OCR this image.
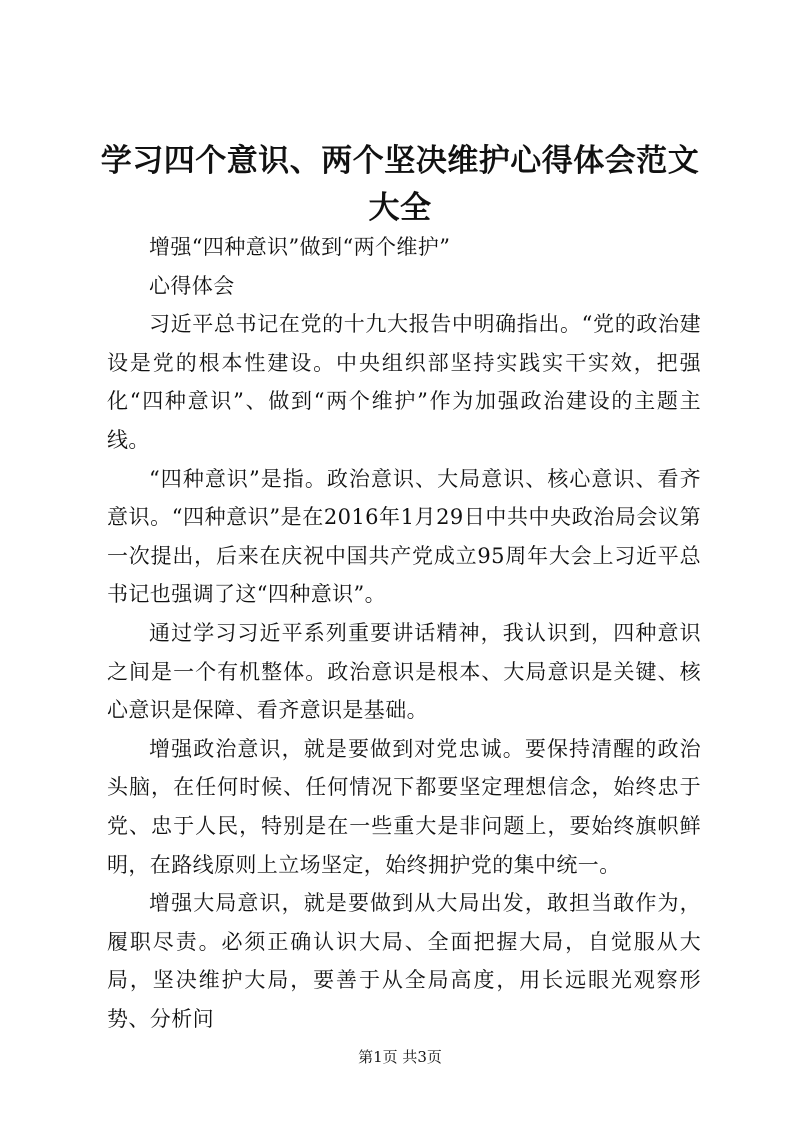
学习四个意识、两个坚决维护心得体会范文大全

增强“四种意识”做到“两个维护”

心得体会

习近平总书记在党的十九大报告中明确指出。“党的政治建设是党的根本性建设。中央组织部坚持实践实干实效，把强化“四种意识”、做到“两个维护”作为加强政治建设的主题主线。

“四种意识”是指。政治意识、大局意识、核心意识、看齐意识。“四种意识”是在2016年1月29日中共中央政治局会议第一次提出，后来在庆祝中国共产党成立95周年大会上习近平总书记也强调了这“四种意识”。

通过学习习近平系列重要讲话精神，我认识到，四种意识之间是一个有机整体。政治意识是根本、大局意识是关键、核心意识是保障、看齐意识是基础。

增强政治意识，就是要做到对党忠诚。要保持清醒的政治头脑，在任何时候、任何情况下都要坚定理想信念，始终忠于党、忠于人民，特别是在一些重大是非问题上，要始终旗帜鲜明，在路线原则上立场坚定，始终拥护党的集中统一。

增强大局意识，就是要做到从大局出发，敢担当敢作为，履职尽责。必须正确认识大局、全面把握大局，自觉服从大局，坚决维护大局，要善于从全局高度，用长远眼光观察形势、分析问

第1页 共3页
